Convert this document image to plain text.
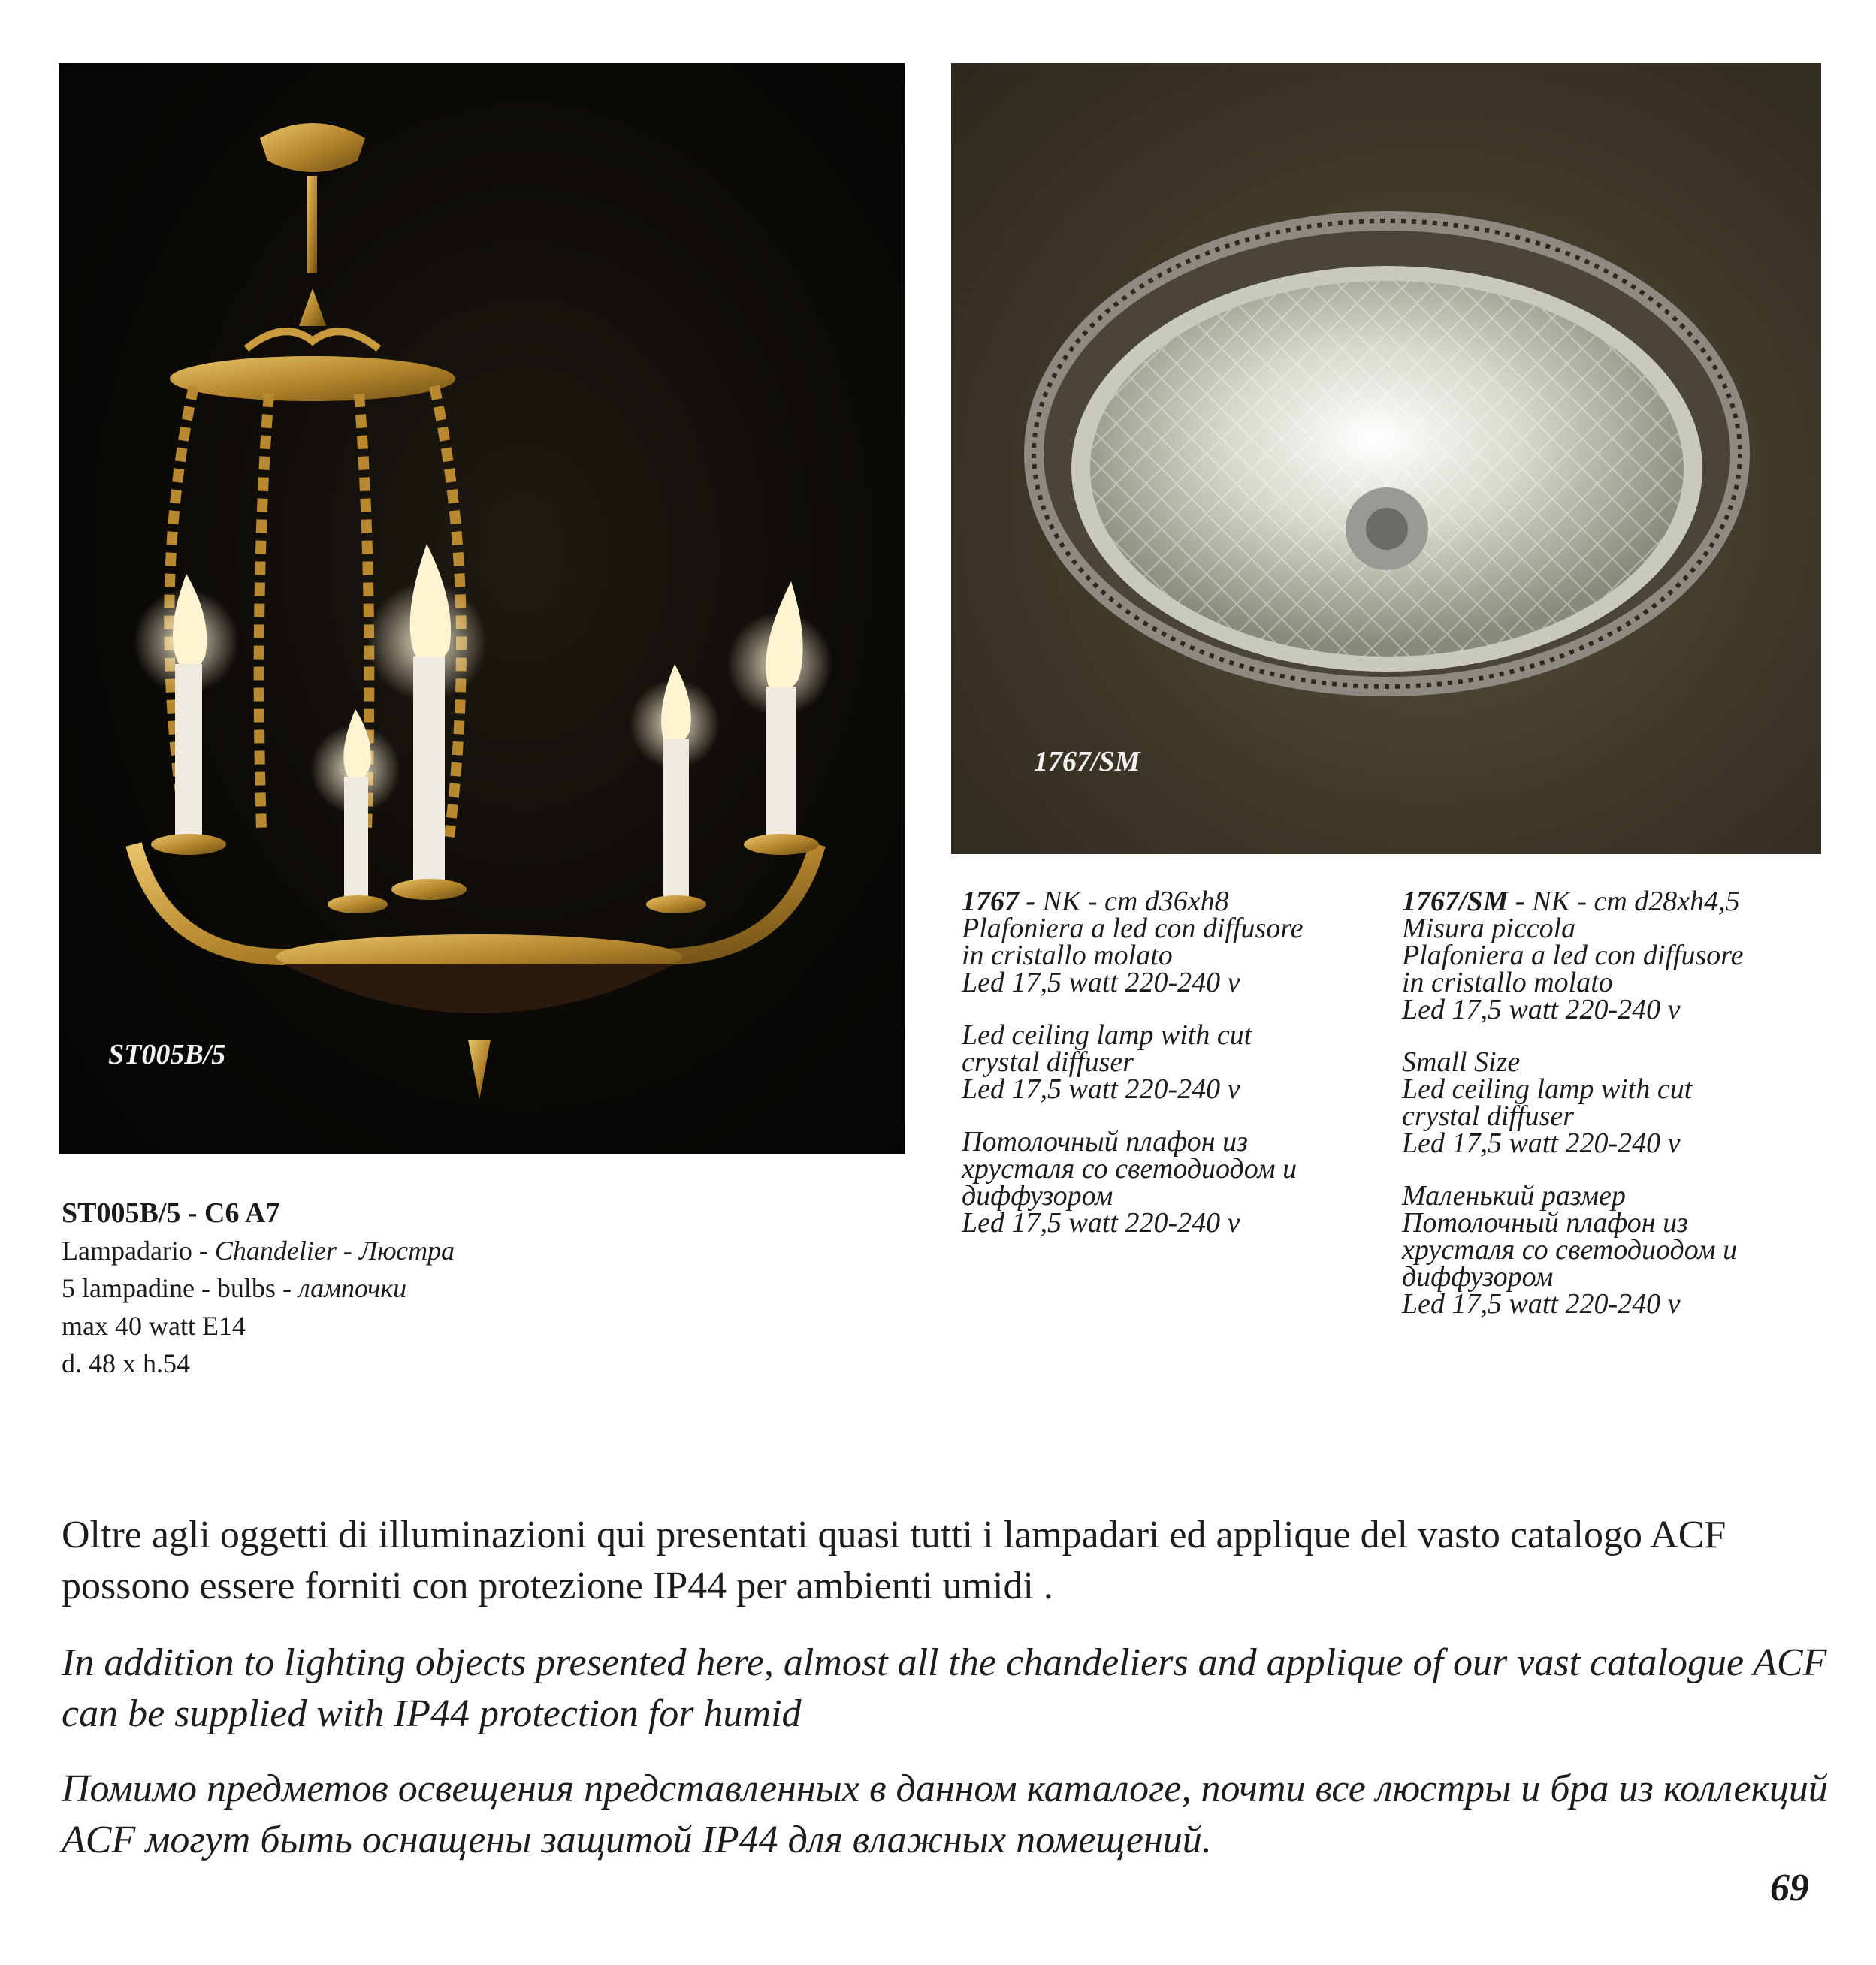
ST005B/5
1767/SM
1767 - NK - cm d36xh8
Plafoniera a led con diffusore
in cristallo molato
Led 17,5 watt 220-240 v
Led ceiling lamp with cut
crystal diffuser
Led 17,5 watt 220-240 v
Потолочный плафон из
хрусталя со светодиодом и
диффузором
Led 17,5 watt 220-240 v
1767/SM - NK - cm d28xh4,5
Misura piccola
Plafoniera a led con diffusore
in cristallo molato
Led 17,5 watt 220-240 v
Small Size
Led ceiling lamp with cut
crystal diffuser
Led 17,5 watt 220-240 v
Маленький размер
Потолочный плафон из
хрусталя со светодиодом и
диффузором
Led 17,5 watt 220-240 v
ST005B/5 - C6 A7
Lampadario - Chandelier - Люстра
5 lampadine - bulbs - лампочки
max 40 watt E14
d. 48 x h.54
Oltre agli oggetti di illuminazioni qui presentati quasi tutti i lampadari ed applique del vasto catalogo ACF possono essere forniti con protezione IP44 per ambienti umidi .
In addition to lighting objects presented here, almost all the chandeliers and applique of our vast catalogue ACF can be supplied with IP44 protection for humid
Помимо предметов освещения представленных в данном каталоге, почти все люстры и бра из коллекций ACF могут быть оснащены защитой IP44 для влажных помещений.
69
